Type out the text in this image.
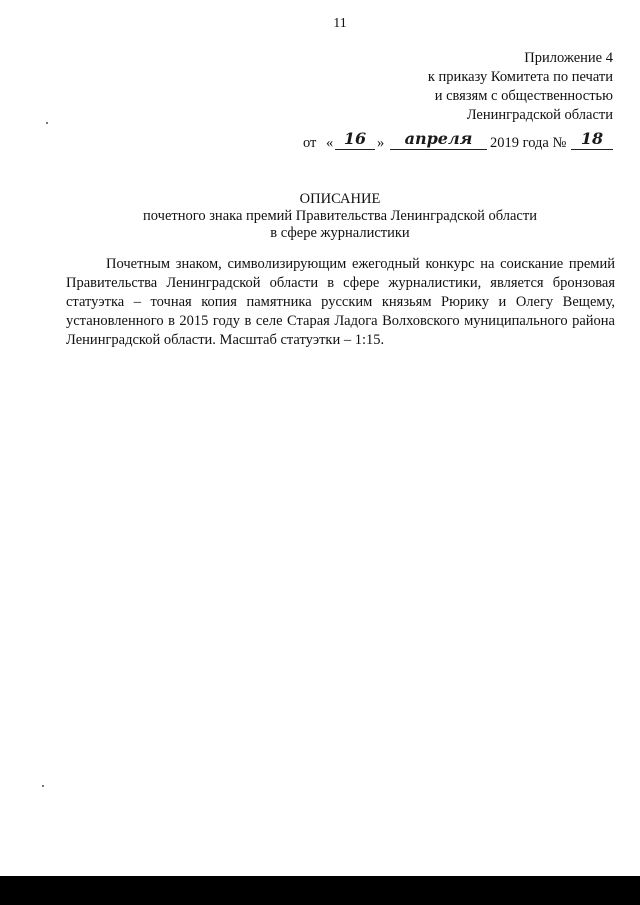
11
Приложение 4
к приказу Комитета по печати
и связям с общественностью
Ленинградской области
от « 16 »	апреля	2019 года № 18
ОПИСАНИЕ
почетного знака премий Правительства Ленинградской области
в сфере журналистики
Почетным знаком, символизирующим ежегодный конкурс на соискание премий Правительства Ленинградской области в сфере журналистики, является бронзовая статуэтка – точная копия памятника русским князьям Рюрику и Олегу Вещему, установленного в 2015 году в селе Старая Ладога Волховского муниципального района Ленинградской области. Масштаб статуэтки – 1:15.
